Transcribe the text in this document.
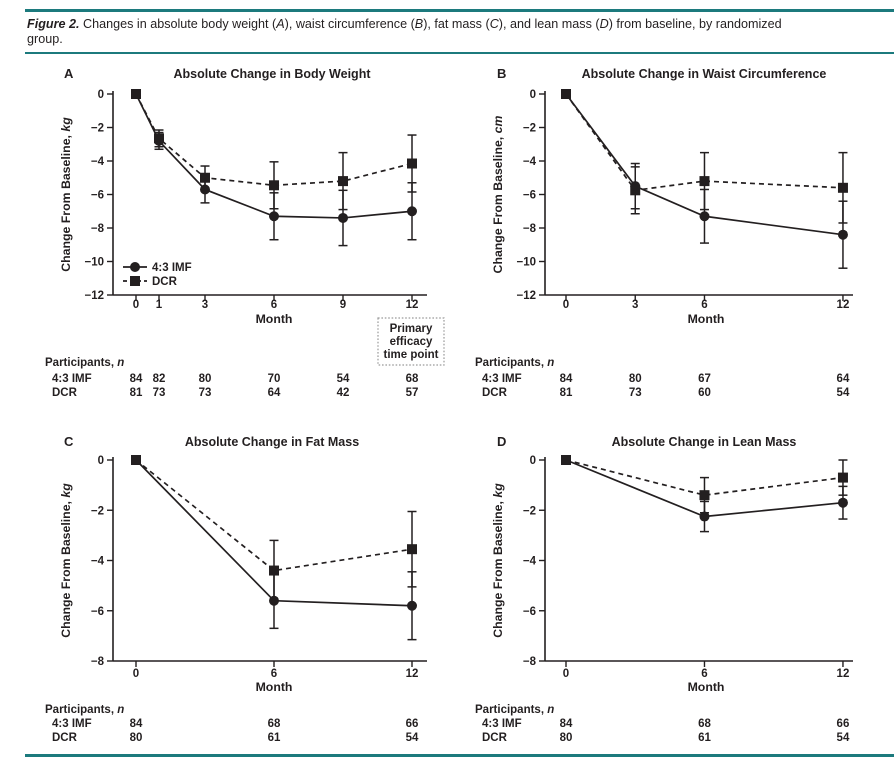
Figure 2. Changes in absolute body weight (A), waist circumference (B), fat mass (C), and lean mass (D) from baseline, by randomized
group.

A	Absolute Change in Body Weight
Change From Baseline, kg
0
−2
−4
−6
−8
−10
−12
0 1	3	6	9	12
Month
4:3 IMF
DCR
Primary
efficacy
time point
Participants, n
4:3 IMF	84 82	80	70	54	68
DCR	81 73	73	64	42	57
B	Absolute Change in Waist Circumference
Change From Baseline, cm
0
−2
−4
−6
−8
−10
−12
0	3	6	12
Month
Participants, n
4:3 IMF	84	80	67	64
DCR	81	73	60	54
C	Absolute Change in Fat Mass
Change From Baseline, kg
0
−2
−4
−6
−8
0	6	12
Month
Participants, n
4:3 IMF	84	68	66
DCR	80	61	54
D	Absolute Change in Lean Mass
Change From Baseline, kg
0
−2
−4
−6
−8
0	6	12
Month
Participants, n
4:3 IMF	84	68	66
DCR	80	61	54
